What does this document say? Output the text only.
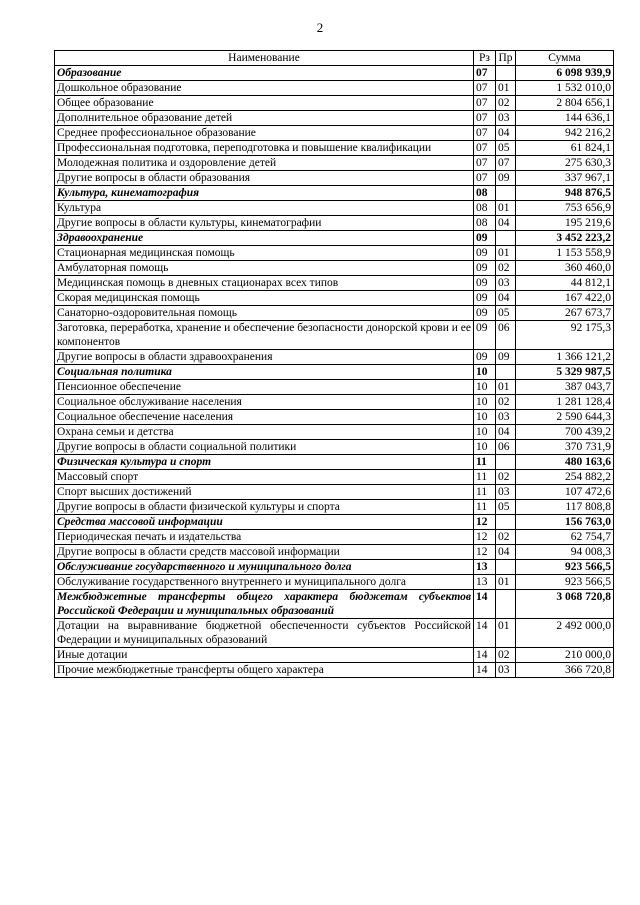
2
Наименование	Рз	Пр	Сумма
Образование	07		6 098 939,9
Дошкольное образование	07	01	1 532 010,0
Общее образование	07	02	2 804 656,1
Дополнительное образование детей	07	03	144 636,1
Среднее профессиональное образование	07	04	942 216,2
Профессиональная подготовка, переподготовка и повышение квалификации	07	05	61 824,1
Молодежная политика и оздоровление детей	07	07	275 630,3
Другие вопросы в области образования	07	09	337 967,1
Культура, кинематография	08		948 876,5
Культура	08	01	753 656,9
Другие вопросы в области культуры, кинематографии	08	04	195 219,6
Здравоохранение	09		3 452 223,2
Стационарная медицинская помощь	09	01	1 153 558,9
Амбулаторная помощь	09	02	360 460,0
Медицинская помощь в дневных стационарах всех типов	09	03	44 812,1
Скорая медицинская помощь	09	04	167 422,0
Санаторно-оздоровительная помощь	09	05	267 673,7
Заготовка, переработка, хранение и обеспечение безопасности донорской крови и ее компонентов	09	06	92 175,3
Другие вопросы в области здравоохранения	09	09	1 366 121,2
Социальная политика	10		5 329 987,5
Пенсионное обеспечение	10	01	387 043,7
Социальное обслуживание населения	10	02	1 281 128,4
Социальное обеспечение населения	10	03	2 590 644,3
Охрана семьи и детства	10	04	700 439,2
Другие вопросы в области социальной политики	10	06	370 731,9
Физическая культура и спорт	11		480 163,6
Массовый спорт	11	02	254 882,2
Спорт высших достижений	11	03	107 472,6
Другие вопросы в области физической культуры и спорта	11	05	117 808,8
Средства массовой информации	12		156 763,0
Периодическая печать и издательства	12	02	62 754,7
Другие вопросы в области средств массовой информации	12	04	94 008,3
Обслуживание государственного и муниципального долга	13		923 566,5
Обслуживание государственного внутреннего и муниципального долга	13	01	923 566,5
Межбюджетные трансферты общего характера бюджетам субъектов Российской Федерации и муниципальных образований	14		3 068 720,8
Дотации на выравнивание бюджетной обеспеченности субъектов Российской Федерации и муниципальных образований	14	01	2 492 000,0
Иные дотации	14	02	210 000,0
Прочие межбюджетные трансферты общего характера	14	03	366 720,8
